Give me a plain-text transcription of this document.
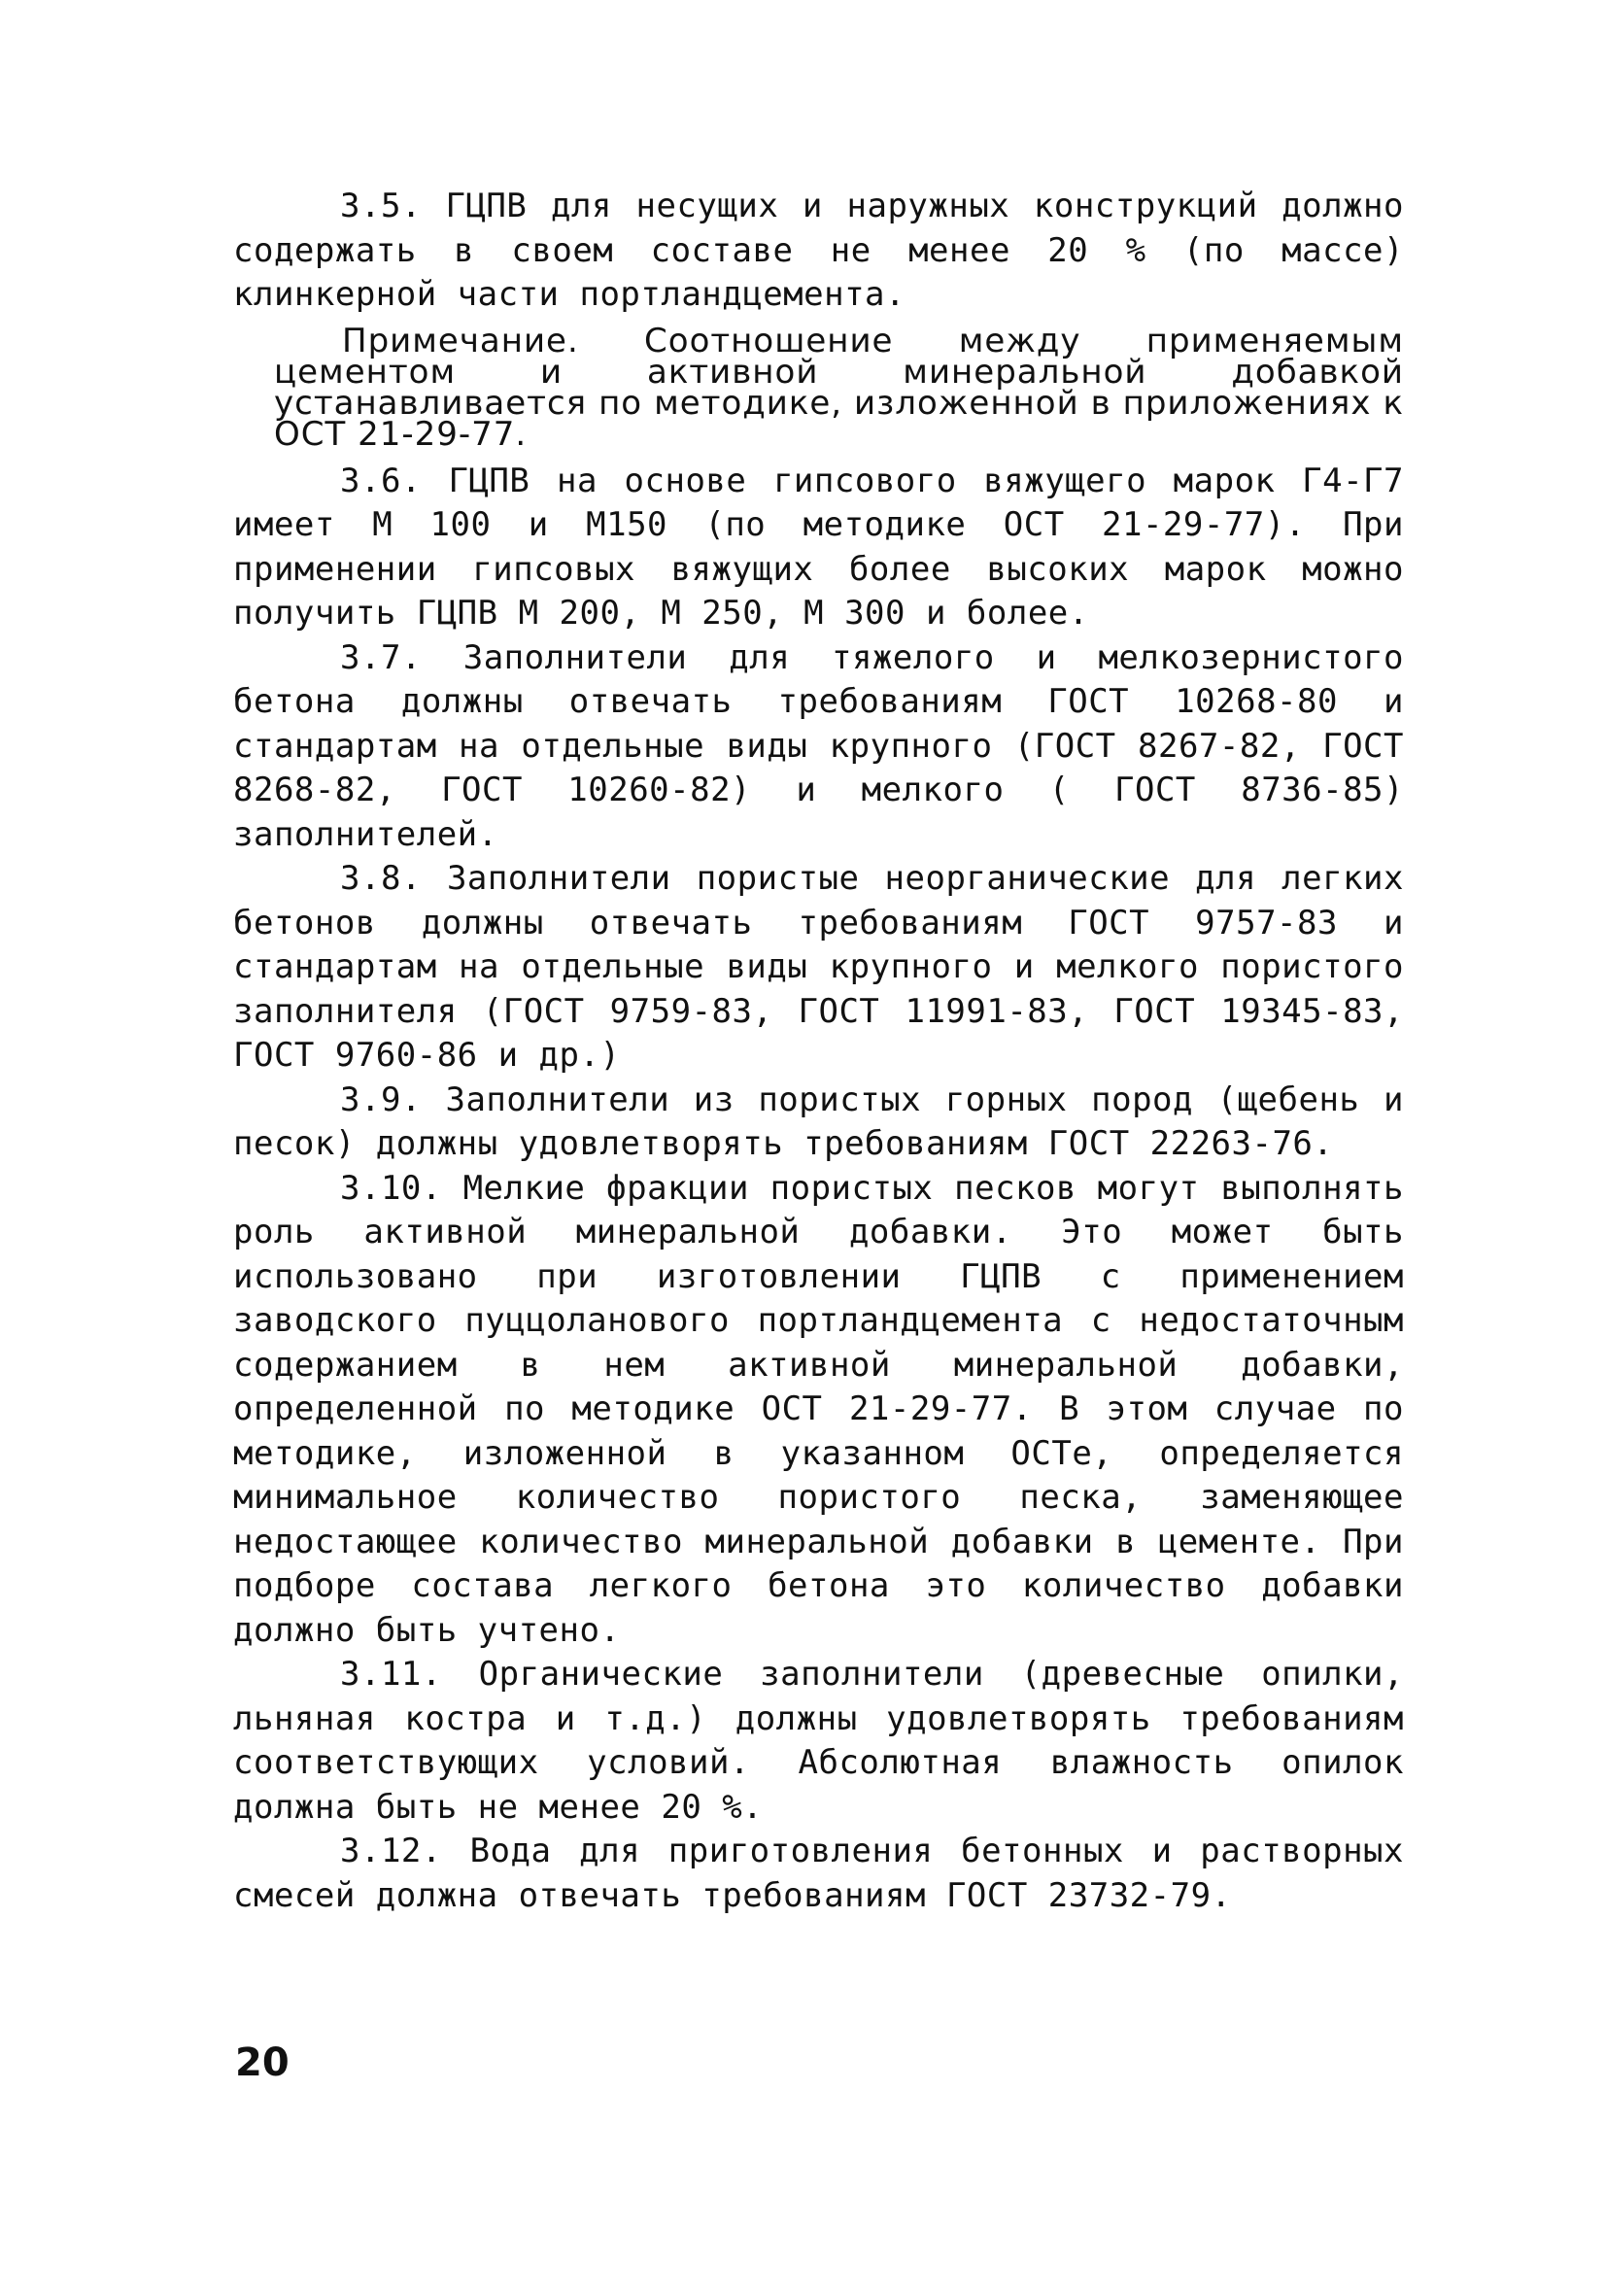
3.5. ГЦПВ для несущих и наружных конструкций должно содержать в своем составе не менее 20 % (по массе) клинкерной части портландцемента.

Примечание. Соотношение между применяемым цементом и активной минеральной добавкой устанавливается по методике, изложенной в приложениях к ОСТ 21-29-77.

3.6. ГЦПВ на основе гипсового вяжущего марок Г4-Г7 имеет М 100 и М150 (по методике ОСТ 21-29-77). При применении гипсовых вяжущих более высоких марок можно получить ГЦПВ М 200, М 250, М 300 и более.

3.7. Заполнители для тяжелого и мелкозернистого бетона должны отвечать требованиям ГОСТ 10268-80 и стандартам на отдельные виды крупного (ГОСТ 8267-82, ГОСТ 8268-82, ГОСТ 10260-82) и мелкого ( ГОСТ 8736-85) заполнителей.

3.8. Заполнители пористые неорганические для легких бетонов должны отвечать требованиям ГОСТ 9757-83 и стандартам на отдельные виды крупного и мелкого пористого заполнителя (ГОСТ 9759-83, ГОСТ 11991-83, ГОСТ 19345-83, ГОСТ 9760-86 и др.)

3.9. Заполнители из пористых горных пород (щебень и песок) должны удовлетворять требованиям ГОСТ 22263-76.

3.10. Мелкие фракции пористых песков могут выполнять роль активной минеральной добавки. Это может быть использовано при изготовлении ГЦПВ с применением заводского пуццоланового портландцемента с недостаточным содержанием в нем активной минеральной добавки, определенной по методике ОСТ 21-29-77. В этом случае по методике, изложенной в указанном ОСТе, определяется минимальное количество пористого песка, заменяющее недостающее количество минеральной добавки в цементе. При подборе состава легкого бетона это количество добавки должно быть учтено.

3.11. Органические заполнители (древесные опилки, льняная костра и т.д.) должны удовлетворять требованиям соответствующих условий. Абсолютная влажность опилок должна быть не менее 20 %.

3.12. Вода для приготовления бетонных и растворных смесей должна отвечать требованиям ГОСТ 23732-79.

20
